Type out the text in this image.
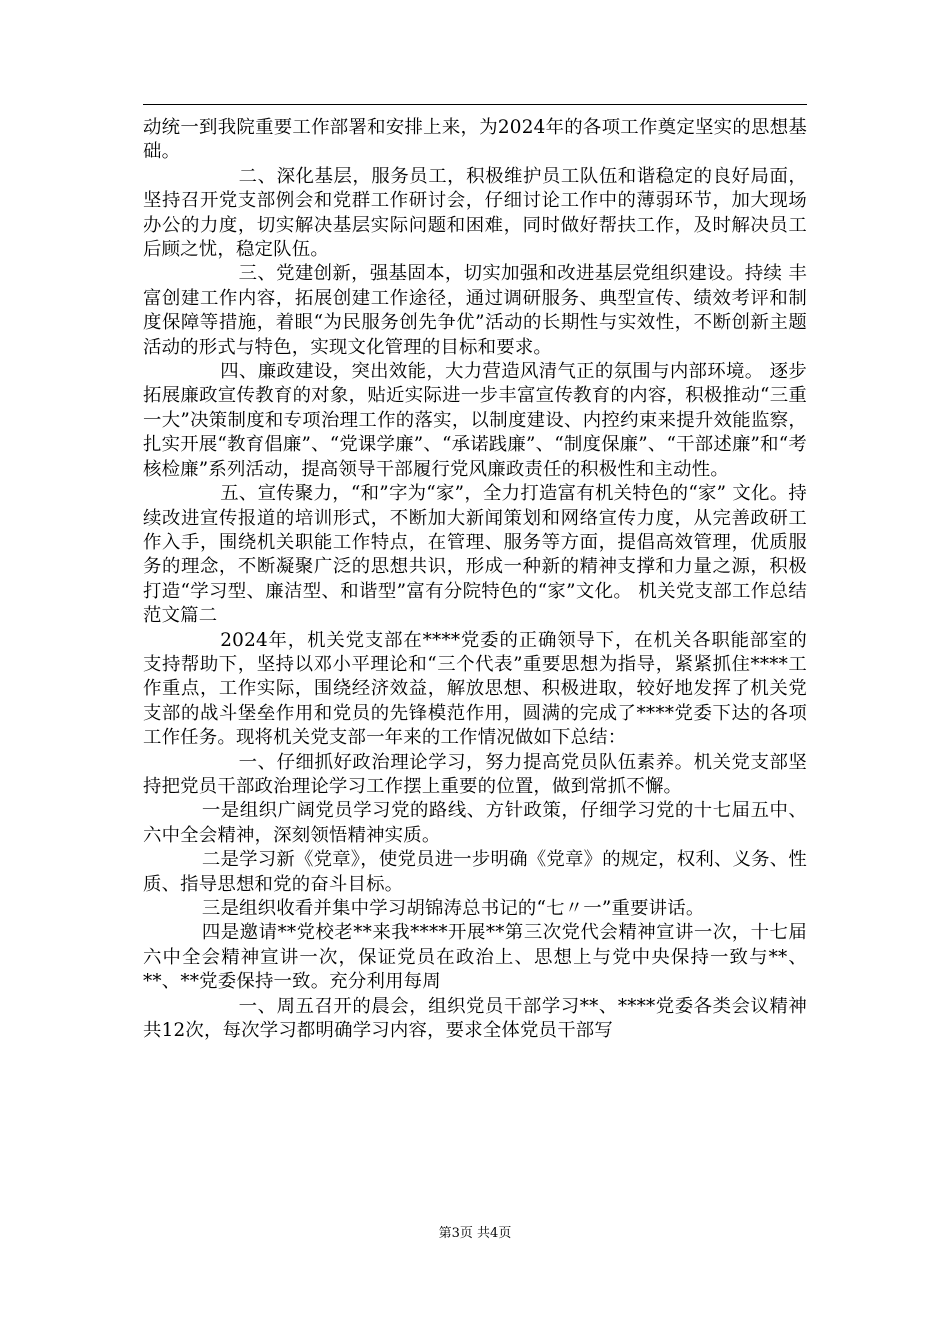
动统一到我院重要工作部署和安排上来，为2024年的各项工作奠定坚实的思想基础。

二、深化基层，服务员工，积极维护员工队伍和谐稳定的良好局面， 坚持召开党支部例会和党群工作研讨会，仔细讨论工作中的薄弱环节，加大现场办公的力度，切实解决基层实际问题和困难，同时做好帮扶工作，及时解决员工后顾之忧，稳定队伍。

三、党建创新，强基固本，切实加强和改进基层党组织建设。持续 丰富创建工作内容，拓展创建工作途径，通过调研服务、典型宣传、绩效考评和制度保障等措施，着眼“为民服务创先争优”活动的长期性与实效性，不断创新主题活动的形式与特色，实现文化管理的目标和要求。

四、廉政建设，突出效能，大力营造风清气正的氛围与内部环境。 逐步拓展廉政宣传教育的对象，贴近实际进一步丰富宣传教育的内容，积极推动“三重一大”决策制度和专项治理工作的落实，以制度建设、内控约束来提升效能监察，扎实开展“教育倡廉”、“党课学廉”、“承诺践廉”、“制度保廉”、“干部述廉”和“考核检廉”系列活动，提高领导干部履行党风廉政责任的积极性和主动性。

五、宣传聚力，“和”字为“家”，全力打造富有机关特色的“家” 文化。持续改进宣传报道的培训形式，不断加大新闻策划和网络宣传力度，从完善政研工作入手，围绕机关职能工作特点，在管理、服务等方面，提倡高效管理，优质服务的理念，不断凝聚广泛的思想共识，形成一种新的精神支撑和力量之源，积极打造“学习型、廉洁型、和谐型”富有分院特色的“家”文化。 机关党支部工作总结范文篇二

2024年，机关党支部在****党委的正确领导下，在机关各职能部室的支持帮助下，坚持以邓小平理论和“三个代表”重要思想为指导，紧紧抓住****工作重点，工作实际，围绕经济效益，解放思想、积极进取，较好地发挥了机关党支部的战斗堡垒作用和党员的先锋模范作用，圆满的完成了****党委下达的各项工作任务。现将机关党支部一年来的工作情况做如下总结：

一、仔细抓好政治理论学习，努力提高党员队伍素养。机关党支部坚持把党员干部政治理论学习工作摆上重要的位置，做到常抓不懈。

一是组织广阔党员学习党的路线、方针政策，仔细学习党的十七届五中、六中全会精神，深刻领悟精神实质。

二是学习新《党章》，使党员进一步明确《党章》的规定，权利、义务、性质、指导思想和党的奋斗目标。

三是组织收看并集中学习胡锦涛总书记的“七〃一”重要讲话。

四是邀请**党校老**来我****开展**第三次党代会精神宣讲一次，十七届六中全会精神宣讲一次，保证党员在政治上、思想上与党中央保持一致与**、**、**党委保持一致。充分利用每周

一、周五召开的晨会，组织党员干部学习**、****党委各类会议精神共12次，每次学习都明确学习内容，要求全体党员干部写

第3页 共4页
